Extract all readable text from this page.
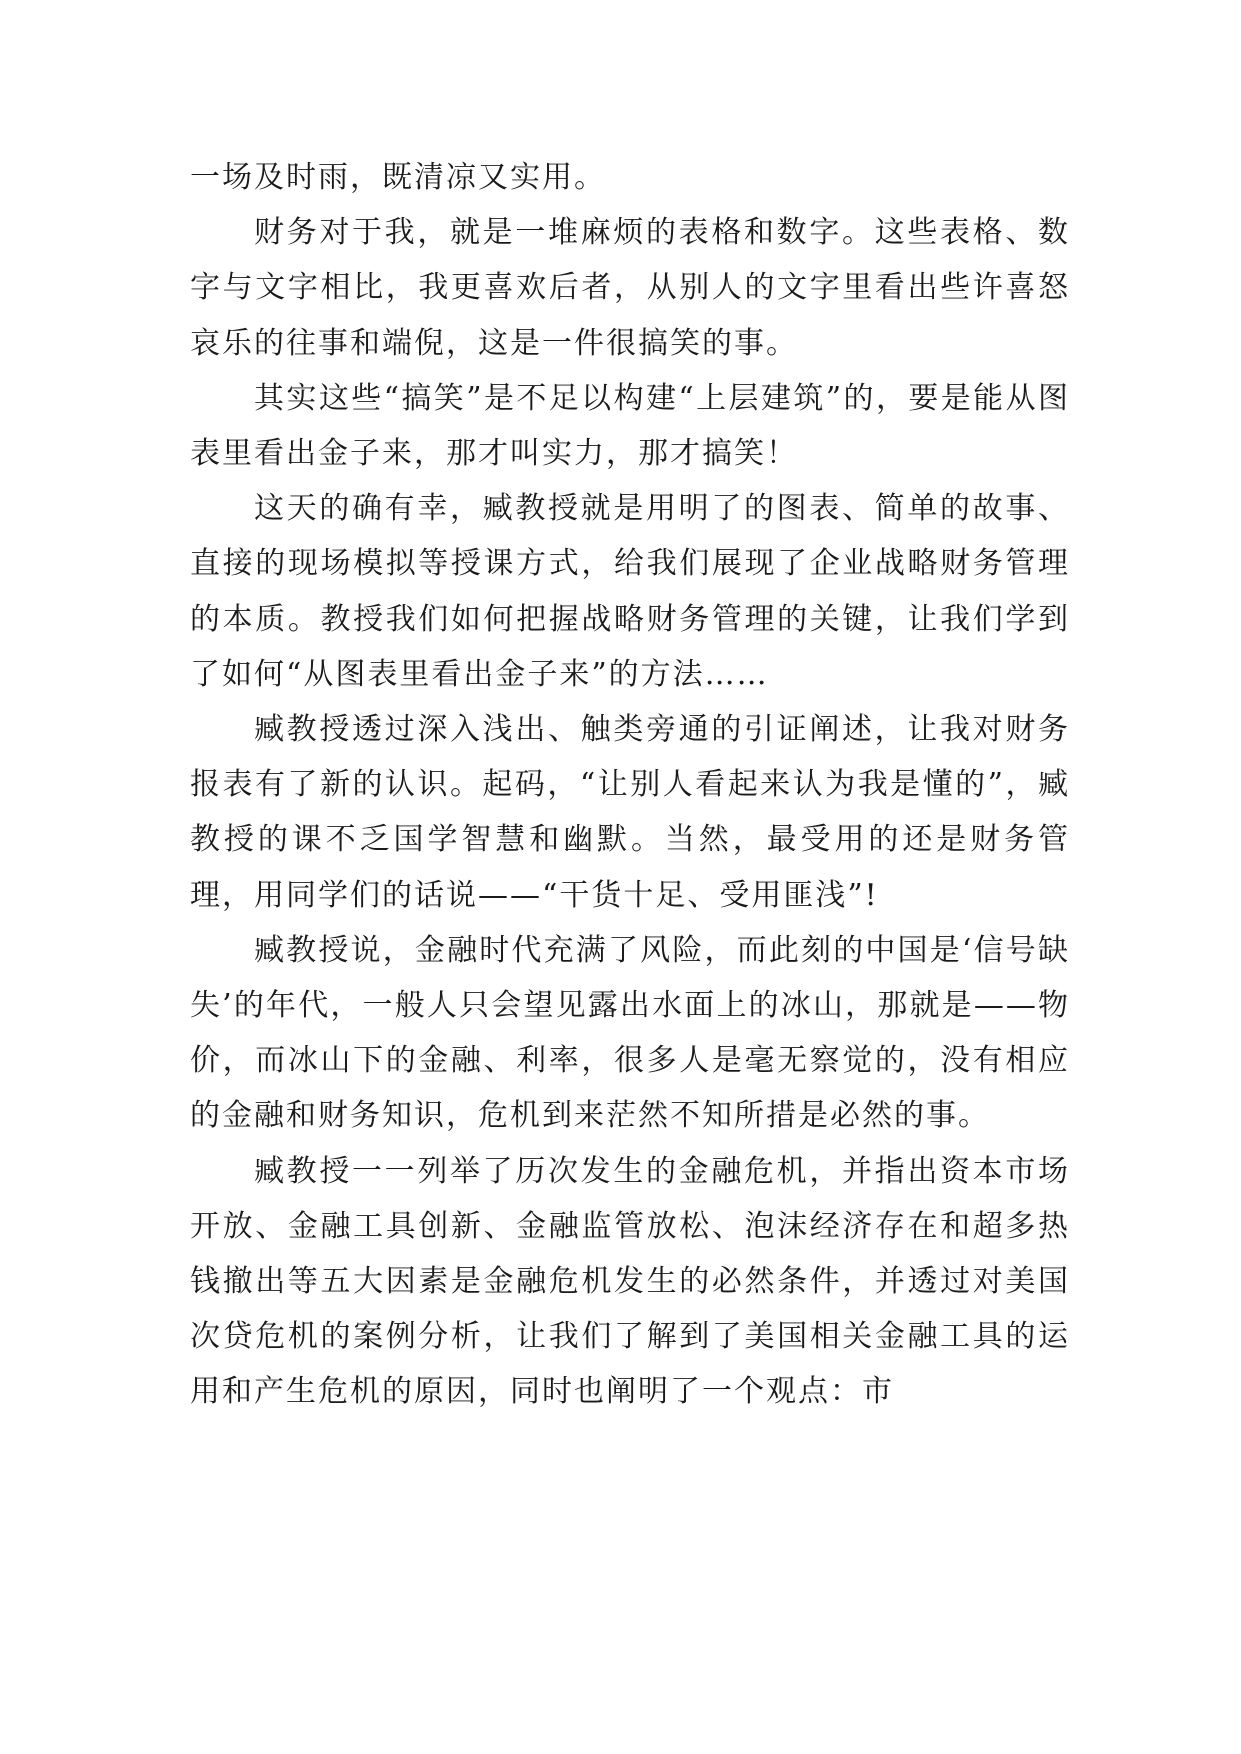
一场及时雨，既清凉又实用。

财务对于我，就是一堆麻烦的表格和数字。这些表格、数字与文字相比，我更喜欢后者，从别人的文字里看出些许喜怒哀乐的往事和端倪，这是一件很搞笑的事。

其实这些“搞笑”是不足以构建“上层建筑”的，要是能从图表里看出金子来，那才叫实力，那才搞笑！

这天的确有幸，臧教授就是用明了的图表、简单的故事、直接的现场模拟等授课方式，给我们展现了企业战略财务管理的本质。教授我们如何把握战略财务管理的关键，让我们学到了如何“从图表里看出金子来”的方法……

臧教授透过深入浅出、触类旁通的引证阐述，让我对财务报表有了新的认识。起码，“让别人看起来认为我是懂的”，臧教授的课不乏国学智慧和幽默。当然，最受用的还是财务管理，用同学们的话说——“干货十足、受用匪浅”!

臧教授说，金融时代充满了风险，而此刻的中国是‘信号缺失’的年代，一般人只会望见露出水面上的冰山，那就是——物价，而冰山下的金融、利率，很多人是毫无察觉的，没有相应的金融和财务知识，危机到来茫然不知所措是必然的事。

臧教授一一列举了历次发生的金融危机，并指出资本市场开放、金融工具创新、金融监管放松、泡沫经济存在和超多热钱撤出等五大因素是金融危机发生的必然条件，并透过对美国次贷危机的案例分析，让我们了解到了美国相关金融工具的运用和产生危机的原因，同时也阐明了一个观点：市
